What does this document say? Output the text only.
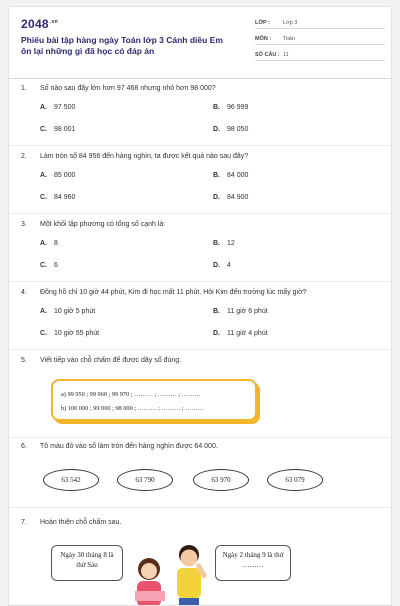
$2048^{.vn}$
Phiếu bài tập hàng ngày Toán lớp 3 Cánh diều Em ôn lại những gì đã học có đáp án
LỚP : Lớp 3
MÔN : Toán
SỐ CÂU : 11
1. Số nào sau đây lớn hơn 97 468 nhưng nhỏ hơn 98 000?
A. 97 500	B. 96 999
C. 98 001	D. 98 050
2. Làm tròn số 84 956 đến hàng nghìn, ta được kết quả nào sau đây?
A. 85 000	B. 84 000
C. 84 960	D. 84 900
3. Một khối lập phương có tổng số cạnh là:
A. 8	B. 12
C. 6	D. 4
4. Đồng hồ chỉ 10 giờ 44 phút, Kim đi học mất 11 phút. Hỏi Kim đến trường lúc mấy giờ?
A. 10 giờ 5 phút	B. 11 giờ 6 phút
C. 10 giờ 55 phút	D. 11 giờ 4 phút
5. Viết tiếp vào chỗ chấm để được dãy số đúng.
a) 99 950 ; 99 960 ; 99 970 ; ……… ; ……… ; ………
b) 100 000 ; 99 000 ; 98 000 ; ……… ; ……… ; ………
6. Tô màu đỏ vào số làm tròn đến hàng nghìn được 64 000.
63 542	63 790	63 970	63 079
7. Hoàn thiện chỗ chấm sau.
Ngày 30 tháng 8 là thứ Sáu
Ngày 2 tháng 9 là thứ ………
